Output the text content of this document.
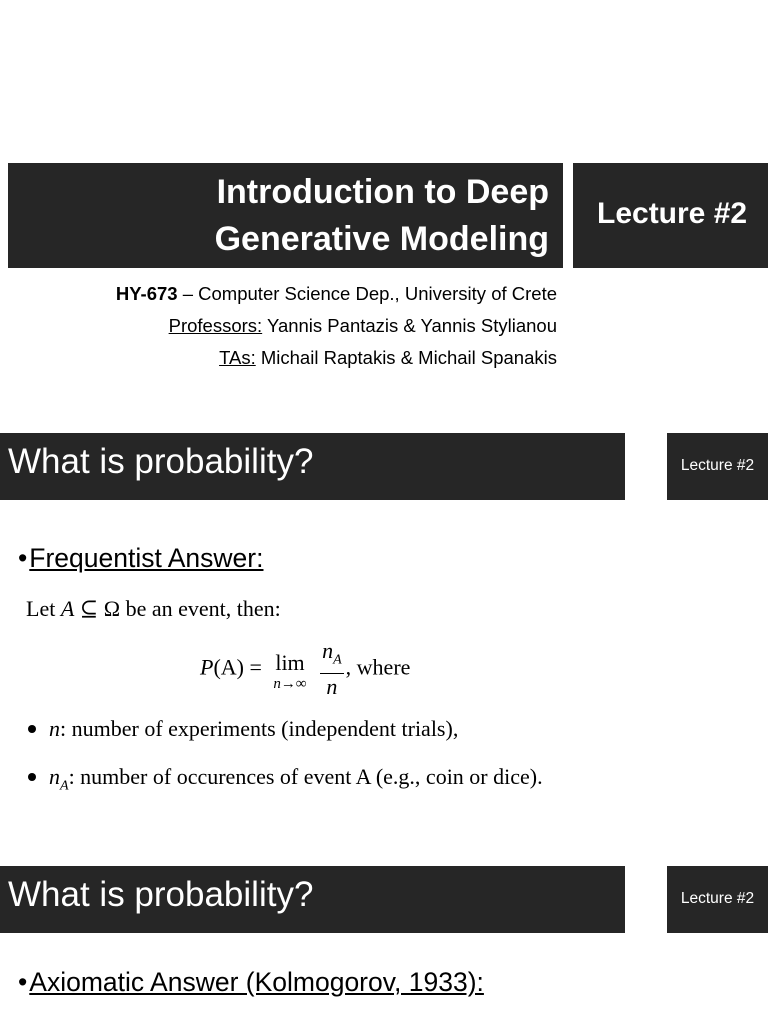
Introduction to Deep
Generative Modeling
Lecture #2
HY-673 – Computer Science Dep., University of Crete
Professors: Yannis Pantazis & Yannis Stylianou
TAs: Michail Raptakis & Michail Spanakis
What is probability?	Lecture #2
•Frequentist Answer:
Let A ⊆ Ω be an event, then:
P(A) = lim
n→∞
$\frac{n_A}{n}$ , where
n: number of experiments (independent trials),
$n_A$: number of occurences of event A (e.g., coin or dice).
What is probability?	Lecture #2
•Axiomatic Answer (Kolmogorov, 1933):
